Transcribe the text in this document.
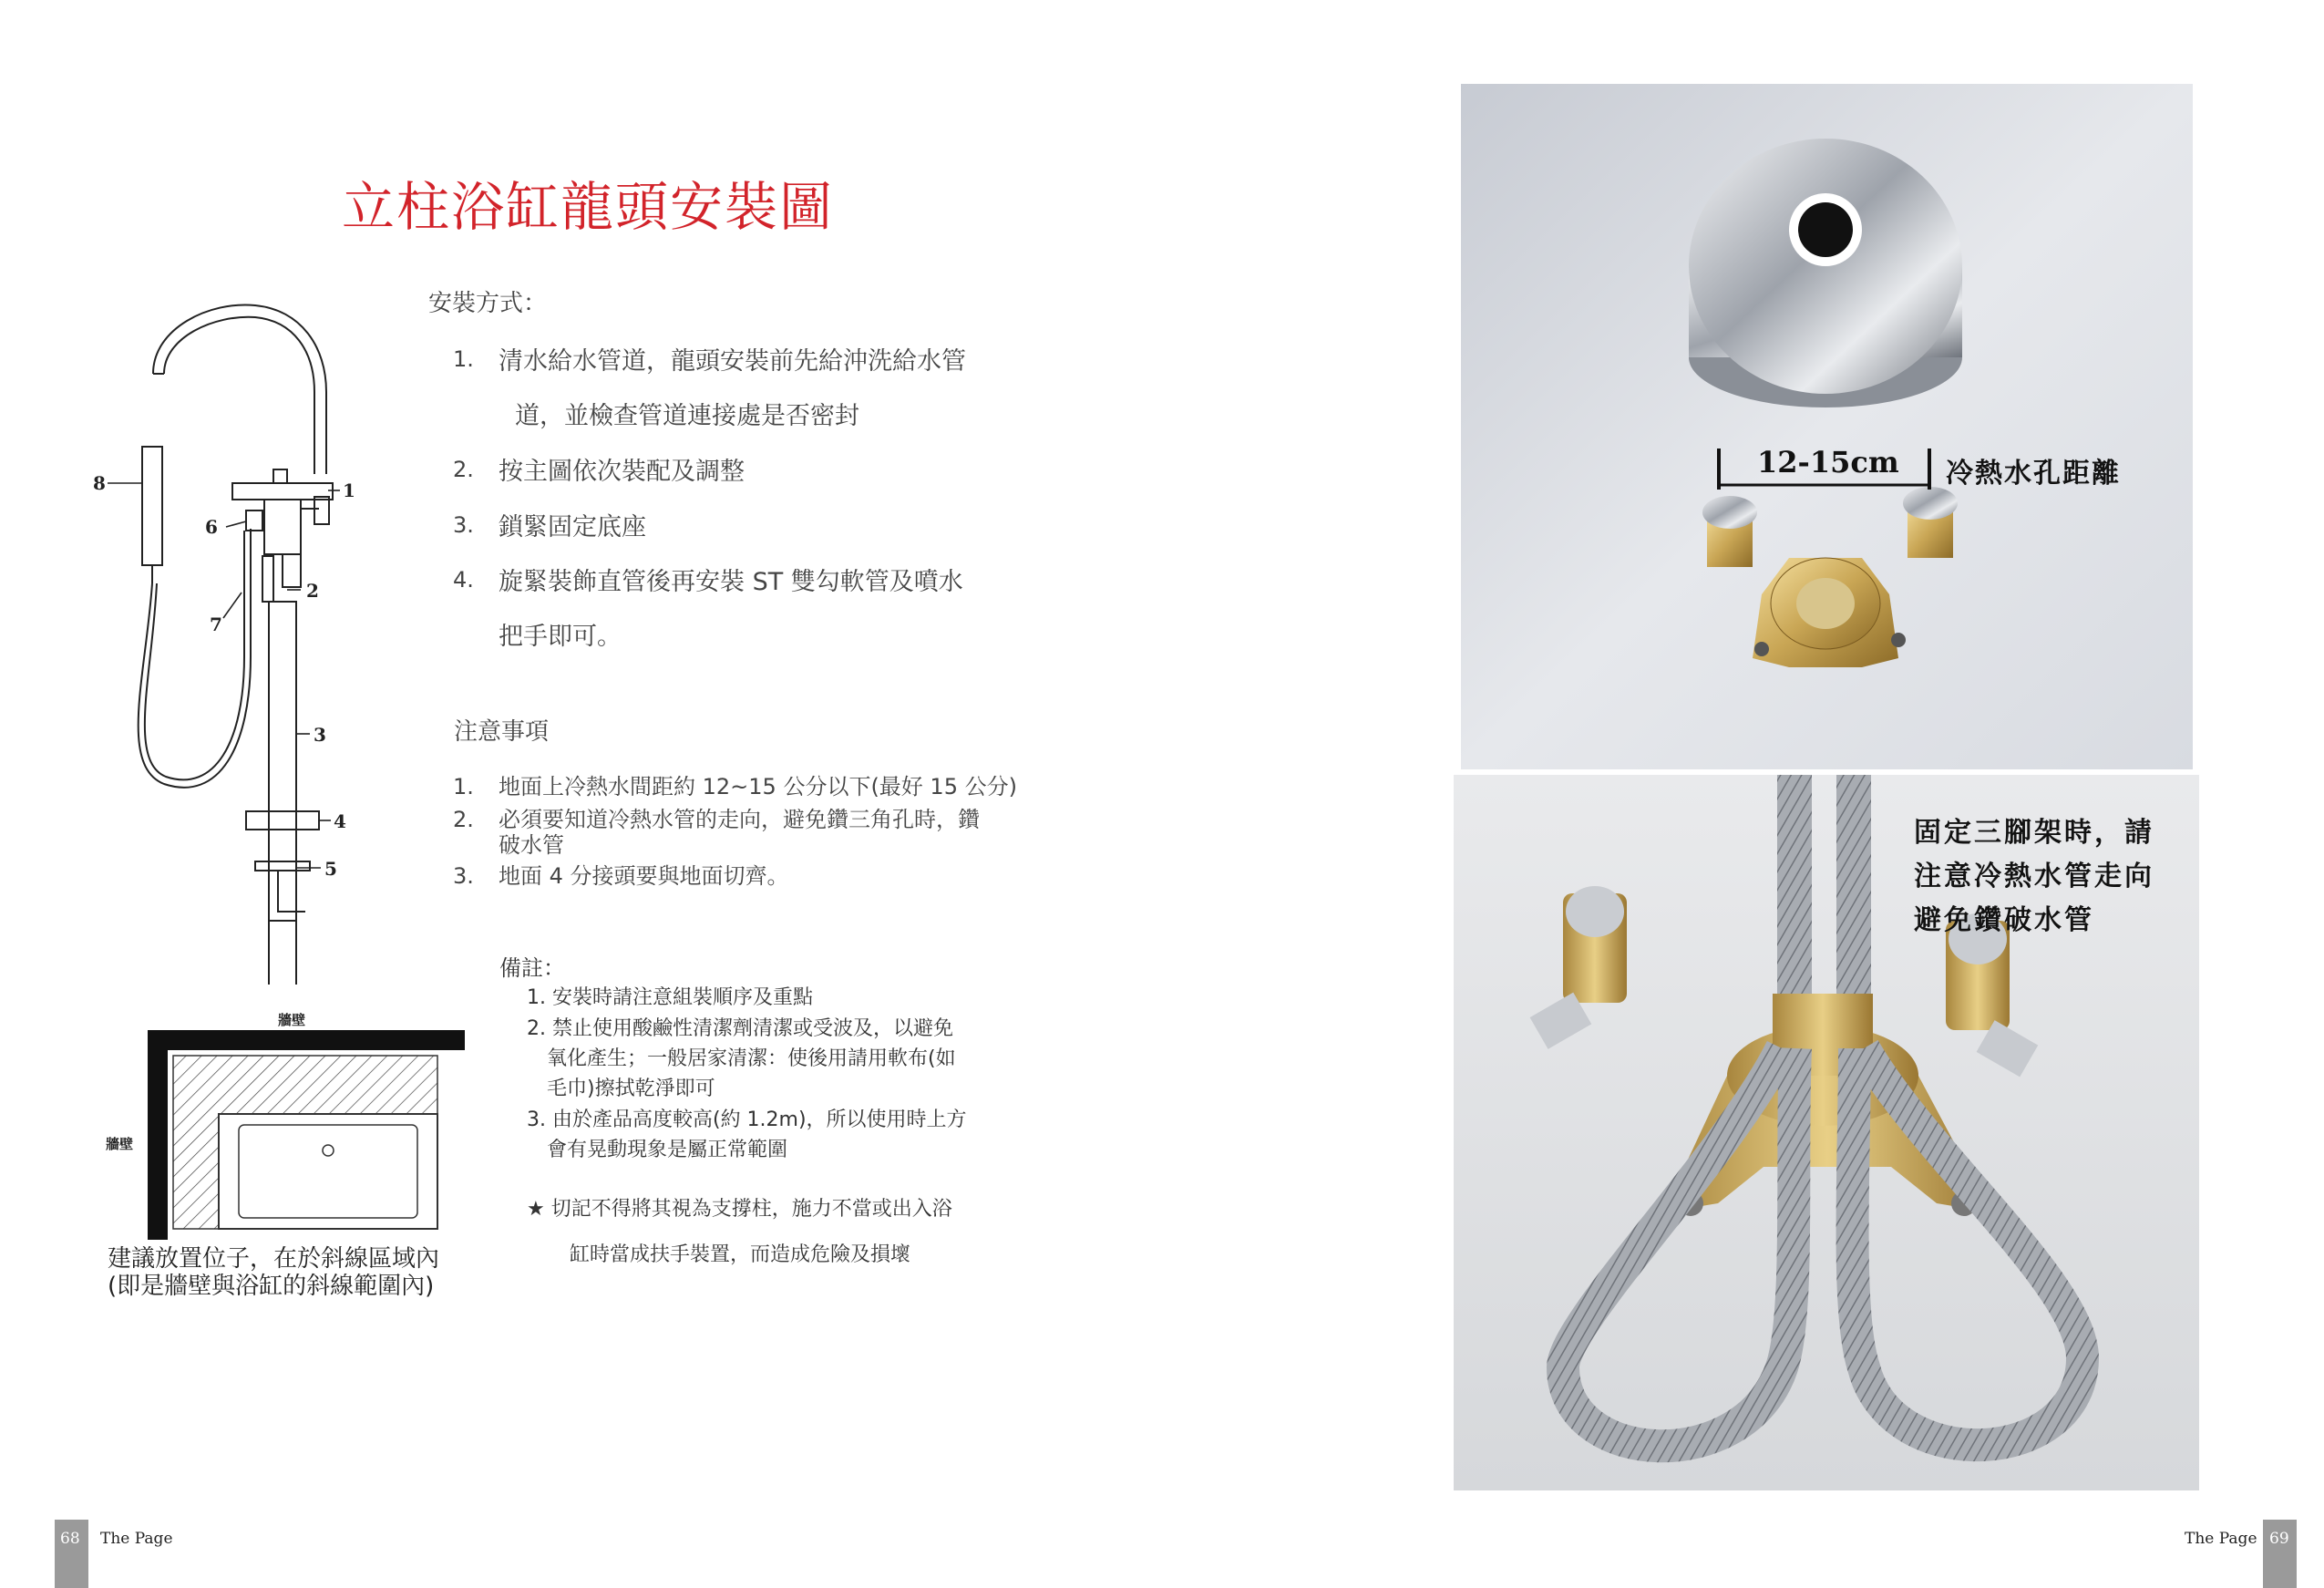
立柱浴缸龍頭安裝圖
安裝方式：
1. 清水給水管道，龍頭安裝前先給沖洗給水管
道，並檢查管道連接處是否密封
2. 按主圖依次裝配及調整
3. 鎖緊固定底座
4. 旋緊裝飾直管後再安裝 ST 雙勾軟管及噴水
把手即可。
注意事項
1. 地面上冷熱水間距約 12~15 公分以下(最好 15 公分)
2. 必須要知道冷熱水管的走向，避免鑽三角孔時，鑽
破水管
3. 地面 4 分接頭要與地面切齊。
備註：
1. 安裝時請注意組裝順序及重點
2. 禁止使用酸鹼性清潔劑清潔或受波及，以避免
氧化產生；一般居家清潔：使後用請用軟布(如
毛巾)擦拭乾淨即可
3. 由於產品高度較高(約 1.2m)，所以使用時上方
會有晃動現象是屬正常範圍
★ 切記不得將其視為支撐柱，施力不當或出入浴
缸時當成扶手裝置，而造成危險及損壞
1
2
3
4
5
6
7
8
牆壁
牆壁
建議放置位子，在於斜線區域內
(即是牆壁與浴缸的斜線範圍內)
12-15cm 冷熱水孔距離
固定三腳架時，請
注意冷熱水管走向
避免鑽破水管
68 The Page	69
The Page
